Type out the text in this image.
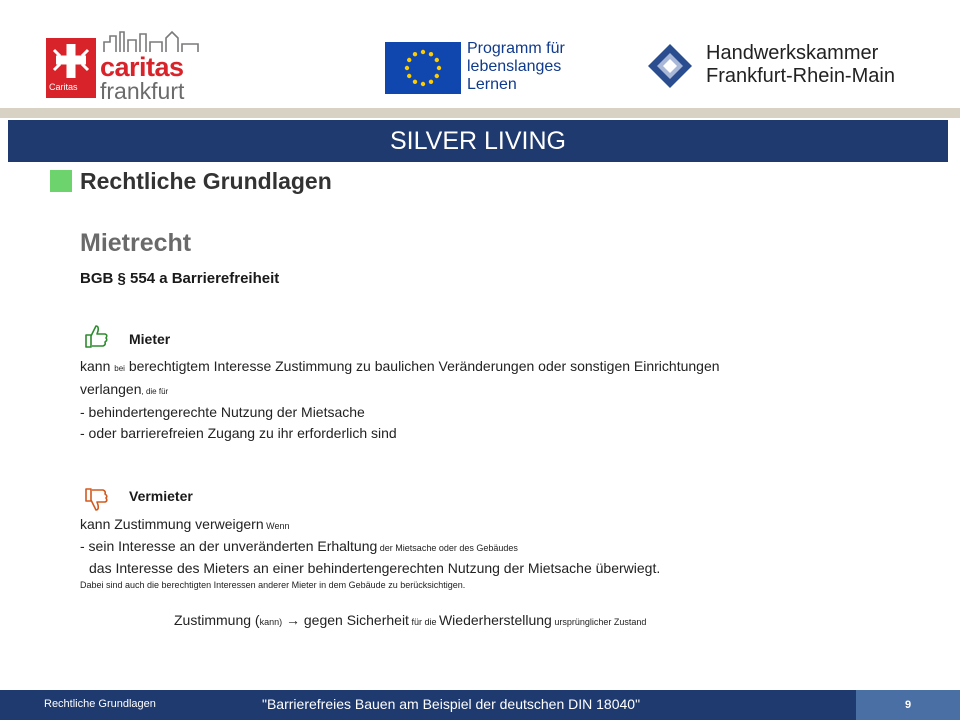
Caritas
caritas
frankfurt
Programm für
lebenslanges
Lernen
Handwerkskammer
Frankfurt-Rhein-Main
SILVER LIVING
Rechtliche Grundlagen
Mietrecht
BGB § 554 a Barrierefreiheit
Mieter
kann bei berechtigtem Interesse Zustimmung zu baulichen Veränderungen oder sonstigen Einrichtungen
verlangen, die für
- behindertengerechte Nutzung der Mietsache
- oder barrierefreien Zugang zu ihr erforderlich sind
Vermieter
kann Zustimmung verweigern Wenn
- sein Interesse an der unveränderten Erhaltung der Mietsache oder des Gebäudes
das Interesse des Mieters an einer behindertengerechten Nutzung der Mietsache überwiegt.
Dabei sind auch die berechtigten Interessen anderer Mieter in dem Gebäude zu berücksichtigen.
Zustimmung (kann) → gegen Sicherheit für die Wiederherstellung ursprünglicher Zustand
Rechtliche Grundlagen	"Barrierefreies Bauen am Beispiel der deutschen DIN 18040"	9
